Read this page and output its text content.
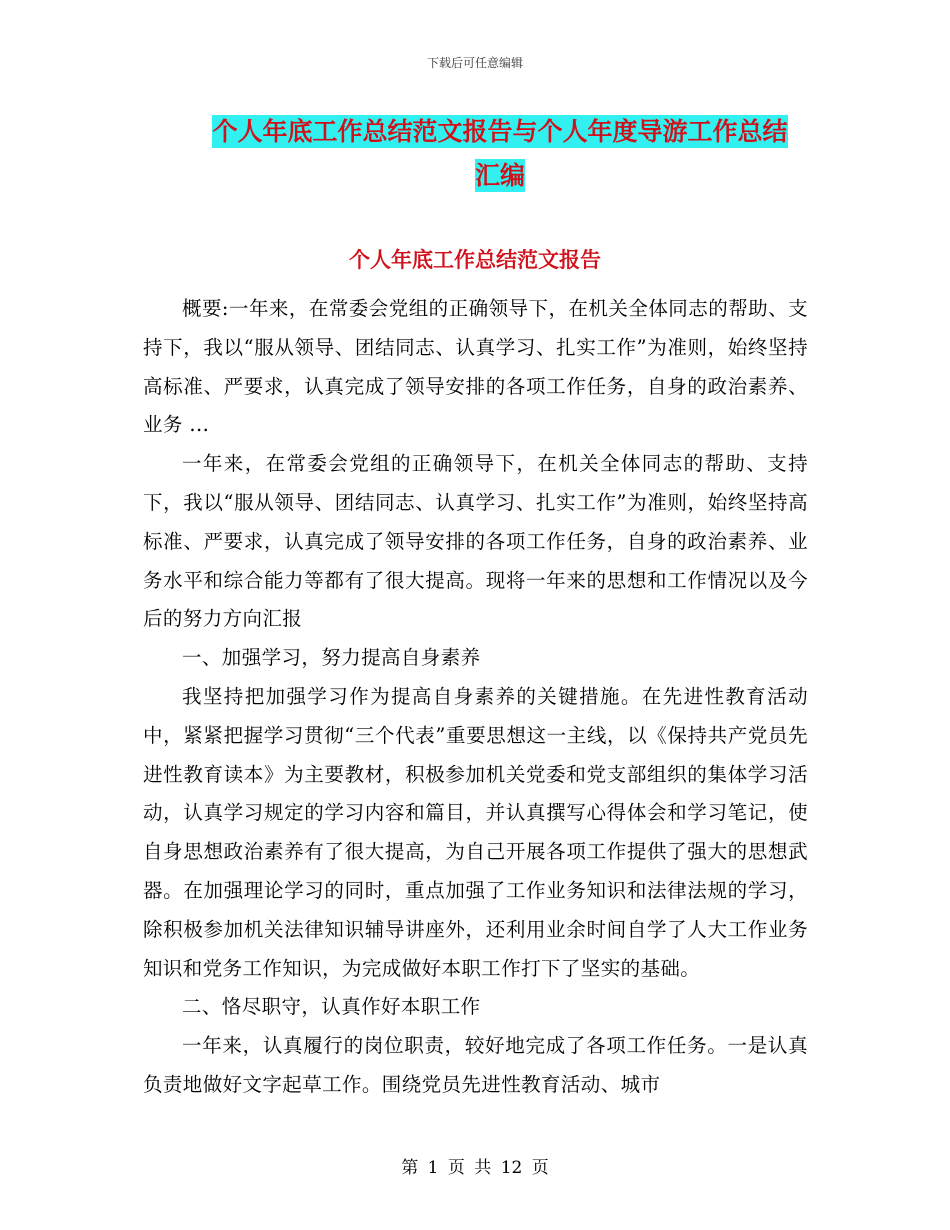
下载后可任意编辑
个人年底工作总结范文报告与个人年度导游工作总结
汇编
个人年底工作总结范文报告

概要:一年来，在常委会党组的正确领导下，在机关全体同志的帮助、支持下，我以“服从领导、团结同志、认真学习、扎实工作”为准则，始终坚持高标准、严要求，认真完成了领导安排的各项工作任务，自身的政治素养、业务 ...

一年来，在常委会党组的正确领导下，在机关全体同志的帮助、支持下，我以“服从领导、团结同志、认真学习、扎实工作”为准则，始终坚持高标准、严要求，认真完成了领导安排的各项工作任务，自身的政治素养、业务水平和综合能力等都有了很大提高。现将一年来的思想和工作情况以及今后的努力方向汇报

一、加强学习，努力提高自身素养

我坚持把加强学习作为提高自身素养的关键措施。在先进性教育活动中，紧紧把握学习贯彻“三个代表”重要思想这一主线，以《保持共产党员先进性教育读本》为主要教材，积极参加机关党委和党支部组织的集体学习活动，认真学习规定的学习内容和篇目，并认真撰写心得体会和学习笔记，使自身思想政治素养有了很大提高，为自己开展各项工作提供了强大的思想武器。在加强理论学习的同时，重点加强了工作业务知识和法律法规的学习，除积极参加机关法律知识辅导讲座外，还利用业余时间自学了人大工作业务知识和党务工作知识，为完成做好本职工作打下了坚实的基础。

二、恪尽职守，认真作好本职工作

一年来，认真履行的岗位职责，较好地完成了各项工作任务。一是认真负责地做好文字起草工作。围绕党员先进性教育活动、城市

第 1 页 共 12 页
